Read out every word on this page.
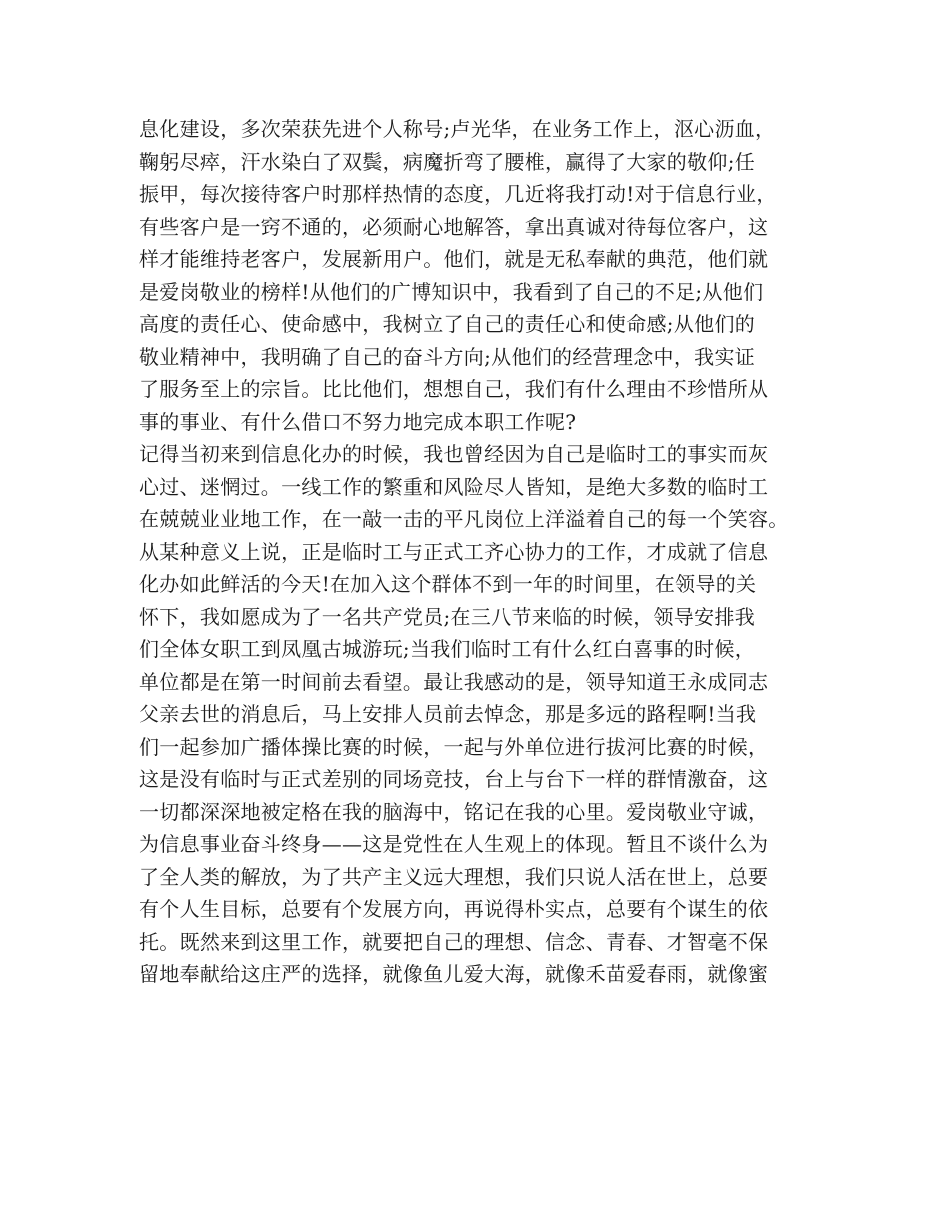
息化建设，多次荣获先进个人称号;卢光华，在业务工作上，沤心沥血，
鞠躬尽瘁，汗水染白了双鬓，病魔折弯了腰椎，赢得了大家的敬仰;任
振甲，每次接待客户时那样热情的态度，几近将我打动!对于信息行业，
有些客户是一窍不通的，必须耐心地解答，拿出真诚对待每位客户，这
样才能维持老客户，发展新用户。他们，就是无私奉献的典范，他们就
是爱岗敬业的榜样!从他们的广博知识中，我看到了自己的不足;从他们
高度的责任心、使命感中，我树立了自己的责任心和使命感;从他们的
敬业精神中，我明确了自己的奋斗方向;从他们的经营理念中，我实证
了服务至上的宗旨。比比他们，想想自己，我们有什么理由不珍惜所从
事的事业、有什么借口不努力地完成本职工作呢?
记得当初来到信息化办的时候，我也曾经因为自己是临时工的事实而灰
心过、迷惘过。一线工作的繁重和风险尽人皆知，是绝大多数的临时工
在兢兢业业地工作，在一敲一击的平凡岗位上洋溢着自己的每一个笑容。
从某种意义上说，正是临时工与正式工齐心协力的工作，才成就了信息
化办如此鲜活的今天!在加入这个群体不到一年的时间里，在领导的关
怀下，我如愿成为了一名共产党员;在三八节来临的时候，领导安排我
们全体女职工到凤凰古城游玩;当我们临时工有什么红白喜事的时候，
单位都是在第一时间前去看望。最让我感动的是，领导知道王永成同志
父亲去世的消息后，马上安排人员前去悼念，那是多远的路程啊!当我
们一起参加广播体操比赛的时候，一起与外单位进行拔河比赛的时候，
这是没有临时与正式差别的同场竞技，台上与台下一样的群情激奋，这
一切都深深地被定格在我的脑海中，铭记在我的心里。爱岗敬业守诚，
为信息事业奋斗终身——这是党性在人生观上的体现。暂且不谈什么为
了全人类的解放，为了共产主义远大理想，我们只说人活在世上，总要
有个人生目标，总要有个发展方向，再说得朴实点，总要有个谋生的依
托。既然来到这里工作，就要把自己的理想、信念、青春、才智毫不保
留地奉献给这庄严的选择，就像鱼儿爱大海，就像禾苗爱春雨，就像蜜
